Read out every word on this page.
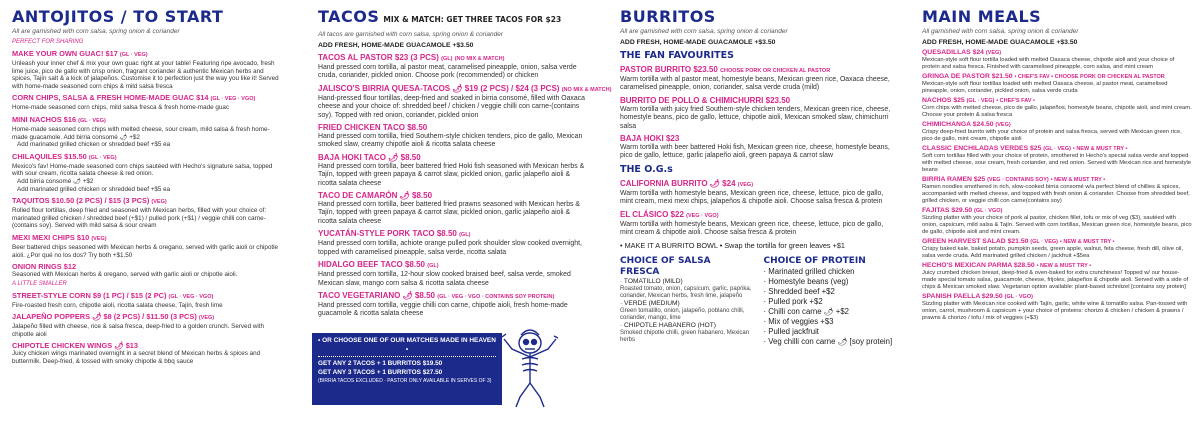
ANTOJITOS / TO START
All are garnished with corn salsa, spring onion & coriander
PERFECT FOR SHARING
MAKE YOUR OWN GUAC! $17 (GL · VEG)
Unleash your inner chef & mix your own guac right at your table! Featuring ripe avocado, fresh lime juice, pico de gallo with crisp onion, fragrant coriander & authentic Mexican herbs and spices, Tajín salt & a kick of jalapeños. Customise it to perfection just the way you like it! Served with home-made seasoned corn chips & mild salsa fresca
CORN CHIPS, SALSA & FRESH HOME-MADE GUAC $14 (GL · VEG · VGO)
Home-made seasoned corn chips, mild salsa fresca & fresh home-made guac
MINI NACHOS $16 (GL · VEG)
Home-made seasoned corn chips with melted cheese, sour cream, mild salsa & fresh home-made guacamole. Add birria consomé 🌶 +$2
Add marinated grilled chicken or shredded beef +$5 ea
CHILAQUILES $15.50 (GL · VEG)
Mexico's fav! Home-made seasoned corn chips sautéed with Hecho's signature salsa, topped with sour cream, ricotta salata cheese & red onion.
Add birria consomé 🌶 +$2
Add marinated grilled chicken or shredded beef +$5 ea
TAQUITOS $10.50 (2 PCS) / $15 (3 PCS) (VEG)
Rolled flour tortillas, deep fried and seasoned with Mexican herbs, filled with your choice of: marinated grilled chicken / shredded beef (+$1) / pulled pork (+$1) / veggie chilli con carne-(contains soy). Served with mild salsa & sour cream
MEXI MEXI CHIPS $10 (VEG)
Beer battered chips seasoned with Mexican herbs & oregano, served with garlic aioli or chipotle aioli. ¿Por qué no los dos? Try both +$1.50
ONION RINGS $12
Seasoned with Mexican herbs & oregano, served with garlic aioli or chipotle aioli.
A LITTLE SMALLER
STREET-STYLE CORN $9 (1 PC) / $15 (2 PC) (GL · VEG · VGO)
Fire-roasted fresh corn, chipotle aioli, ricotta salata cheese, Tajín, fresh lime
JALAPEÑO POPPERS 🌶 $8 (2 PCS) / $11.50 (3 PCS) (VEG)
Jalapeño filled with cheese, rice & salsa fresca, deep-fried to a golden crunch. Served with chipotle aioli
CHIPOTLE CHICKEN WINGS 🌶 $13
Juicy chicken wings marinated overnight in a secret blend of Mexican herbs & spices and buttermilk. Deep-fried, & tossed with smoky chipotle & bbq sauce
TACOS MIX & MATCH: GET THREE TACOS FOR $23
All tacos are garnished with corn salsa, spring onion & coriander
ADD FRESH, HOME-MADE GUACAMOLE +$3.50
TACOS AL PASTOR $23 (3 PCS) (GL) (NO MIX & MATCH)
Hand pressed corn tortilla, al pastor meat, caramelised pineapple, onion, salsa verde cruda, coriander, pickled onion. Choose pork (recommended) or chicken
JALISCO'S BIRRIA QUESA-TACOS 🌶 $19 (2 PCS) / $24 (3 PCS) (NO MIX & MATCH)
Hand-pressed flour tortillas, deep-fried and soaked in birria consomé, filled with Oaxaca cheese and your choice of: shredded beef / chicken / veggie chilli con carne-(contains soy). Topped with red onion, coriander, pickled onion
FRIED CHICKEN TACO $8.50
Hand pressed corn tortilla, fried Southern-style chicken tenders, pico de gallo, Mexican smoked slaw, creamy chipotle aioli & ricotta salata cheese
BAJA HOKI TACO 🌶 $8.50
Hand pressed corn tortilla, beer battered fried Hoki fish seasoned with Mexican herbs & Tajín, topped with green papaya & carrot slaw, pickled onion, garlic jalapeño aioli & ricotta salata cheese
TACO DE CAMARÓN 🌶 $8.50
Hand pressed corn tortilla, beer battered fried prawns seasoned with Mexican herbs & Tajín, topped with green papaya & carrot slaw, pickled onion, garlic jalapeño aioli & ricotta salata cheese
YUCATÁN-STYLE PORK TACO $8.50 (GL)
Hand pressed corn tortilla, achiote orange pulled pork shoulder slow cooked overnight, topped with caramelised pineapple, salsa verde, ricotta salata
HIDALGO BEEF TACO $8.50 (GL)
Hand pressed corn tortilla, 12-hour slow cooked braised beef, salsa verde, smoked Mexican slaw, mango corn salsa & ricotta salata cheese
TACO VEGETARIANO 🌶 $8.50 (GL · VEG · VGO · CONTAINS SOY PROTEIN)
Hand pressed corn tortilla, veggie chilli con carne, chipotle aioli, fresh home-made guacamole & ricotta salata cheese
• OR CHOOSE ONE OF OUR MATCHES MADE IN HEAVEN •
GET ANY 2 TACOS + 1 BURRITOS $19.50
GET ANY 3 TACOS + 1 BURRITOS $27.50
(BIRRIA TACOS EXCLUDED · PASTOR ONLY AVAILABLE IN SERVES OF 3)
BURRITOS
All are garnished with corn salsa, spring onion & coriander
ADD FRESH, HOME-MADE GUACAMOLE +$3.50
THE FAN FAVOURITES
PASTOR BURRITO $23.50 CHOOSE PORK OR CHICKEN AL PASTOR
Warm tortilla with al pastor meat, homestyle beans, Mexican green rice, Oaxaca cheese, caramelised pineapple, onion, coriander, salsa verde cruda (mild)
BURRITO DE POLLO & CHIMICHURRI $23.50
Warm tortilla with juicy fried Southern-style chicken tenders, Mexican green rice, cheese, homestyle beans, pico de gallo, lettuce, chipotle aioli, Mexican smoked slaw, chimichurri salsa
BAJA HOKI $23
Warm tortilla with beer battered Hoki fish, Mexican green rice, cheese, homestyle beans, pico de gallo, lettuce, garlic jalapeño aioli, green papaya & carrot slaw
THE O.G.s
CALIFORNIA BURRITO 🌶 $24 (VEG)
Warm tortilla with homestyle beans, Mexican green rice, cheese, lettuce, pico de gallo, mint cream, mexi mexi chips, jalapeños & chipotle aioli. Choose salsa fresca & protein
EL CLÁSICO $22 (VEG · VGO)
Warm tortilla with homestyle beans, Mexican green rice, cheese, lettuce, pico de gallo, mint cream & chipotle aioli. Choose salsa fresca & protein
• MAKE IT A BURRITO BOWL • Swap the tortilla for green leaves +$1
CHOICE OF SALSA FRESCA
· TOMATILLO (MILD)
Roasted tomato, onion, capsicum, garlic, paprika, coriander, Mexican herbs, fresh lime, jalapeño
· VERDE (MEDIUM)
Green tomatillo, onion, jalapeño, poblano chilli, coriander, mango, lime
· CHIPOTLE HABANERO (HOT)
Smoked chipotle chilli, green habanero, Mexican herbs
CHOICE OF PROTEIN
· Marinated grilled chicken
· Homestyle beans (veg)
· Shredded beef +$2
· Pulled pork +$2
· Chilli con carne 🌶 +$2
· Mix of veggies +$3
· Pulled jackfruit
· Veg chilli con carne 🌶 [soy protein]
MAIN MEALS
All garnished with corn salsa, spring onion & coriander
ADD FRESH, HOME-MADE GUACAMOLE +$3.50
QUESADILLAS $24 (VEG)
Mexican-style soft flour tortilla loaded with melted Oaxaca cheese, chipotle aioli and your choice of protein and salsa fresca. Finished with caramelised pineapple, corn salsa, and mint cream
GRINGA DE PASTOR $21.50 • CHEF'S FAV • CHOOSE PORK OR CHICKEN AL PASTOR
Mexican-style soft flour tortillas loaded with melted Oaxaca cheese, al pastor meat, caramelised pineapple, onion, coriander, pickled onion, salsa verde cruda
NACHOS $25 (GL · VEG) • CHEF'S FAV •
Corn chips with melted cheese, pico de gallo, jalapeños, homestyle beans, chipotle aioli, and mint cream. Choose your protein & salsa fresca
CHIMICHANGA $24.50 (VEG)
Crispy deep-fried burrito with your choice of protein and salsa fresca, served with Mexican green rice, pico de gallo, mint cream, chipotle aioli
CLASSIC ENCHILADAS VERDES $25 (GL · VEG) • NEW & MUST TRY •
Soft corn tortillas filled with your choice of protein, smothered in Hecho's special salsa verde and topped with melted cheese, sour cream, fresh coriander, and red onion. Served with Mexican rice and homestyle beans
BIRRIA RAMEN $25 (VEG · CONTAINS SOY) • NEW & MUST TRY •
Ramen noodles smothered in rich, slow-cooked birria consomé w/a perfect blend of chillies & spices, accompanied with melted cheese, and topped with fresh onion & coriander. Choose from shredded beef, grilled chicken, or veggie chilli con carne(contains soy)
FAJITAS $29.50 (GL · VGO)
Sizzling platter with your choice of pork al pastor, chicken fillet, tofu or mix of veg ($3), sautéed with onion, capsicum, mild salsa & Tajín. Served with corn tortillas, Mexican green rice, homestyle beans, pico de gallo, chipotle aioli and mint cream.
GREEN HARVEST SALAD $21.50 (GL · VEG) • NEW & MUST TRY •
Crispy baked kale, baked potato, pumpkin seeds, green apple, walnut, feta cheese, fresh dill, olive oil, salsa verde cruda. Add marinated grilled chicken / jackfruit +$5ea
HECHO'S MEXICAN PARMA $28.50 • NEW & MUST TRY •
Juicy crumbed chicken breast, deep-fried & oven-baked for extra crunchiness! Topped w/ our house-made special tomato salsa, guacamole, cheese, frijoles, jalapeños & chipotle aioli. Served with a side of chips & Mexican smoked slaw. Vegetarian option available: plant-based schnitzel [contains soy protein]
SPANISH PAELLA $29.50 (GL · VGO)
Sizzling platter with Mexican rice cooked with Tajín, garlic, white wine & tomatillo salsa. Pan-tossed with onion, carrot, mushroom & capsicum + your choice of proteins: chorizo & chicken / chicken & prawns / prawns & chorizo / tofu / mix of veggies (+$3)
